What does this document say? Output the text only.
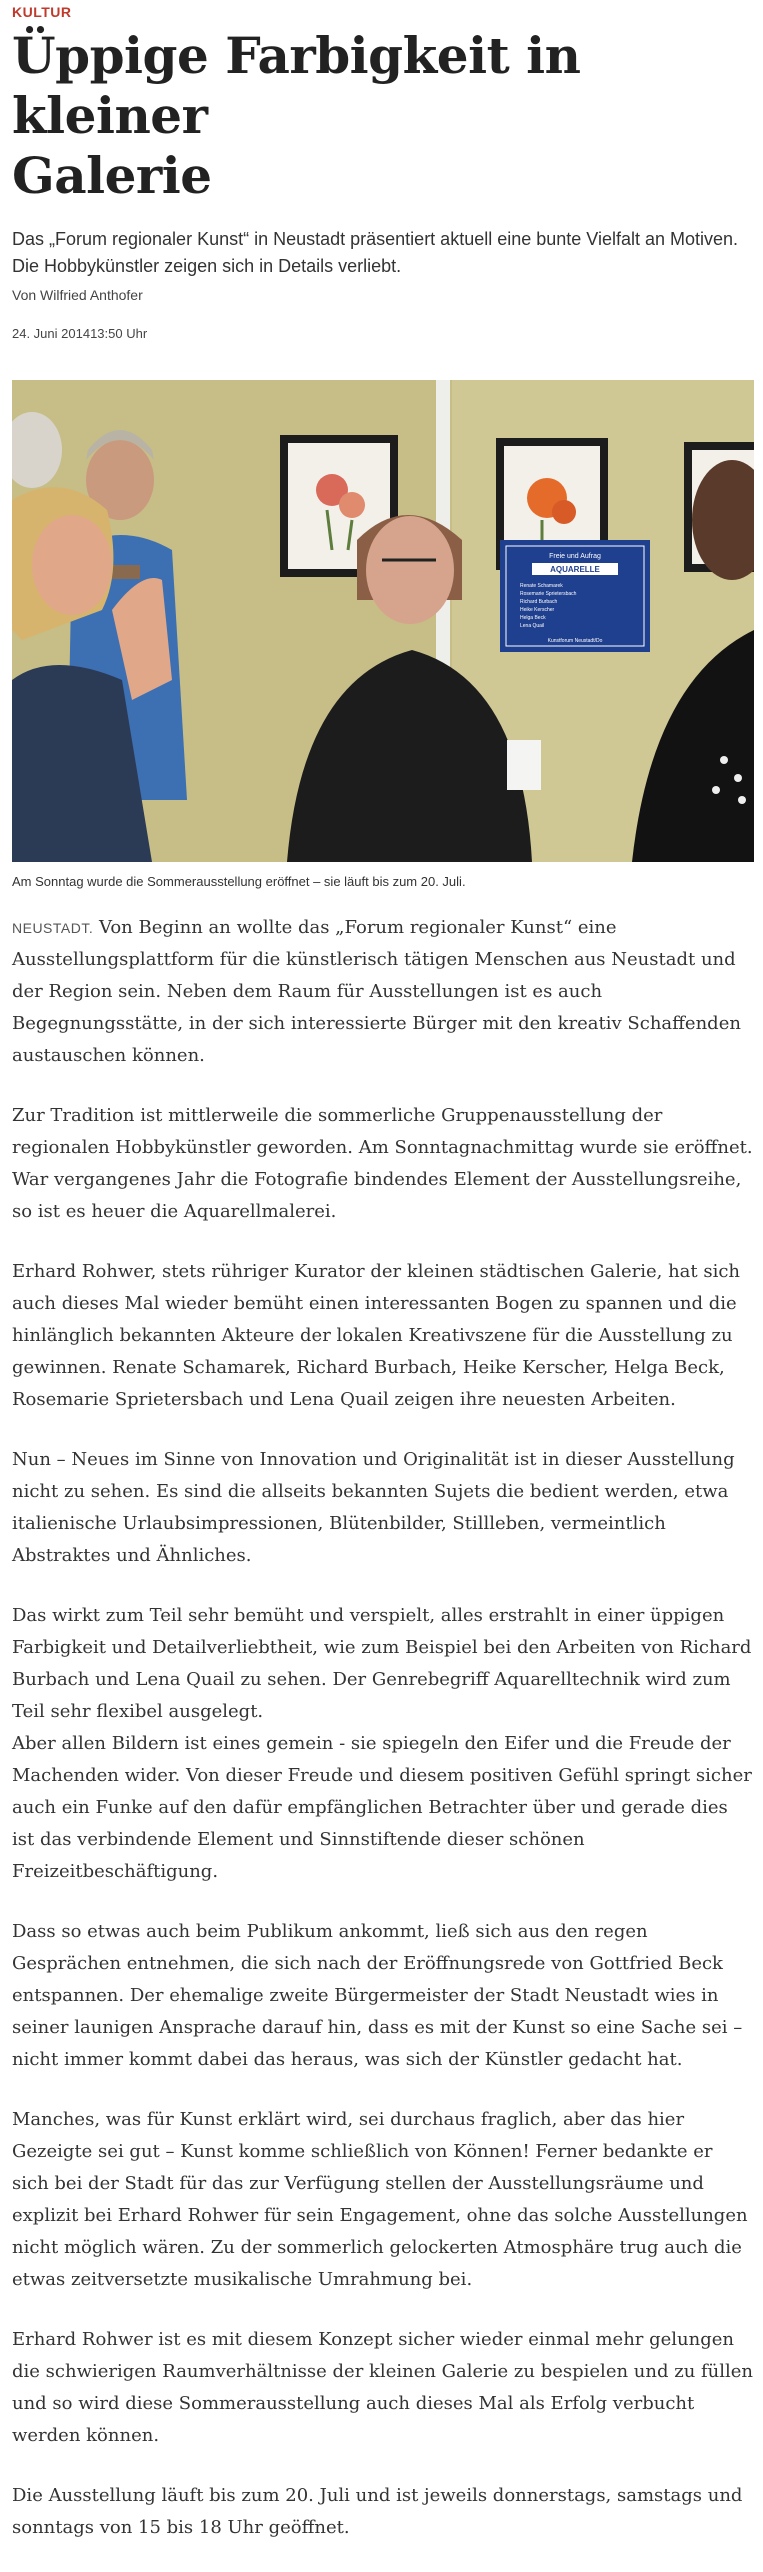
KULTUR
Üppige Farbigkeit in kleiner
Galerie
Das „Forum regionaler Kunst“ in Neustadt präsentiert aktuell eine bunte Vielfalt an Motiven. Die Hobbykünstler zeigen sich in Details verliebt.
Von Wilfried Anthofer
24. Juni 201413:50 Uhr
Freie und Aufrag
AQUARELLE
Renate Schamarek
Rosemarie Sprietersbach
Richard Burbach
Heike Kerscher
Helga Beck
Lena Quail
Kunstforum Neustadt/Do
Am Sonntag wurde die Sommerausstellung eröffnet – sie läuft bis zum 20. Juli.

NEUSTADT. Von Beginn an wollte das „Forum regionaler Kunst“ eine Ausstellungsplattform für die künstlerisch tätigen Menschen aus Neustadt und der Region sein. Neben dem Raum für Ausstellungen ist es auch Begegnungsstätte, in der sich interessierte Bürger mit den kreativ Schaffenden austauschen können.

Zur Tradition ist mittlerweile die sommerliche Gruppenausstellung der regionalen Hobbykünstler geworden. Am Sonntagnachmittag wurde sie eröffnet. War vergangenes Jahr die Fotografie bindendes Element der Ausstellungsreihe, so ist es heuer die Aquarellmalerei.

Erhard Rohwer, stets rühriger Kurator der kleinen städtischen Galerie, hat sich auch dieses Mal wieder bemüht einen interessanten Bogen zu spannen und die hinlänglich bekannten Akteure der lokalen Kreativszene für die Ausstellung zu gewinnen. Renate Schamarek, Richard Burbach, Heike Kerscher, Helga Beck, Rosemarie Sprietersbach und Lena Quail zeigen ihre neuesten Arbeiten.

Nun – Neues im Sinne von Innovation und Originalität ist in dieser Ausstellung nicht zu sehen. Es sind die allseits bekannten Sujets die bedient werden, etwa italienische Urlaubsimpressionen, Blütenbilder, Stillleben, vermeintlich Abstraktes und Ähnliches.

Das wirkt zum Teil sehr bemüht und verspielt, alles erstrahlt in einer üppigen Farbigkeit und Detailverliebtheit, wie zum Beispiel bei den Arbeiten von Richard Burbach und Lena Quail zu sehen. Der Genrebegriff Aquarelltechnik wird zum Teil sehr flexibel ausgelegt.

Aber allen Bildern ist eines gemein - sie spiegeln den Eifer und die Freude der Machenden wider. Von dieser Freude und diesem positiven Gefühl springt sicher auch ein Funke auf den dafür empfänglichen Betrachter über und gerade dies ist das verbindende Element und Sinnstiftende dieser schönen Freizeitbeschäftigung.

Dass so etwas auch beim Publikum ankommt, ließ sich aus den regen Gesprächen entnehmen, die sich nach der Eröffnungsrede von Gottfried Beck entspannen. Der ehemalige zweite Bürgermeister der Stadt Neustadt wies in seiner launigen Ansprache darauf hin, dass es mit der Kunst so eine Sache sei – nicht immer kommt dabei das heraus, was sich der Künstler gedacht hat.

Manches, was für Kunst erklärt wird, sei durchaus fraglich, aber das hier Gezeigte sei gut – Kunst komme schließlich von Können! Ferner bedankte er sich bei der Stadt für das zur Verfügung stellen der Ausstellungsräume und explizit bei Erhard Rohwer für sein Engagement, ohne das solche Ausstellungen nicht möglich wären. Zu der sommerlich gelockerten Atmosphäre trug auch die etwas zeitversetzte musikalische Umrahmung bei.

Erhard Rohwer ist es mit diesem Konzept sicher wieder einmal mehr gelungen die schwierigen Raumverhältnisse der kleinen Galerie zu bespielen und zu füllen und so wird diese Sommerausstellung auch dieses Mal als Erfolg verbucht werden können.

Die Ausstellung läuft bis zum 20. Juli und ist jeweils donnerstags, samstags und sonntags von 15 bis 18 Uhr geöffnet.
